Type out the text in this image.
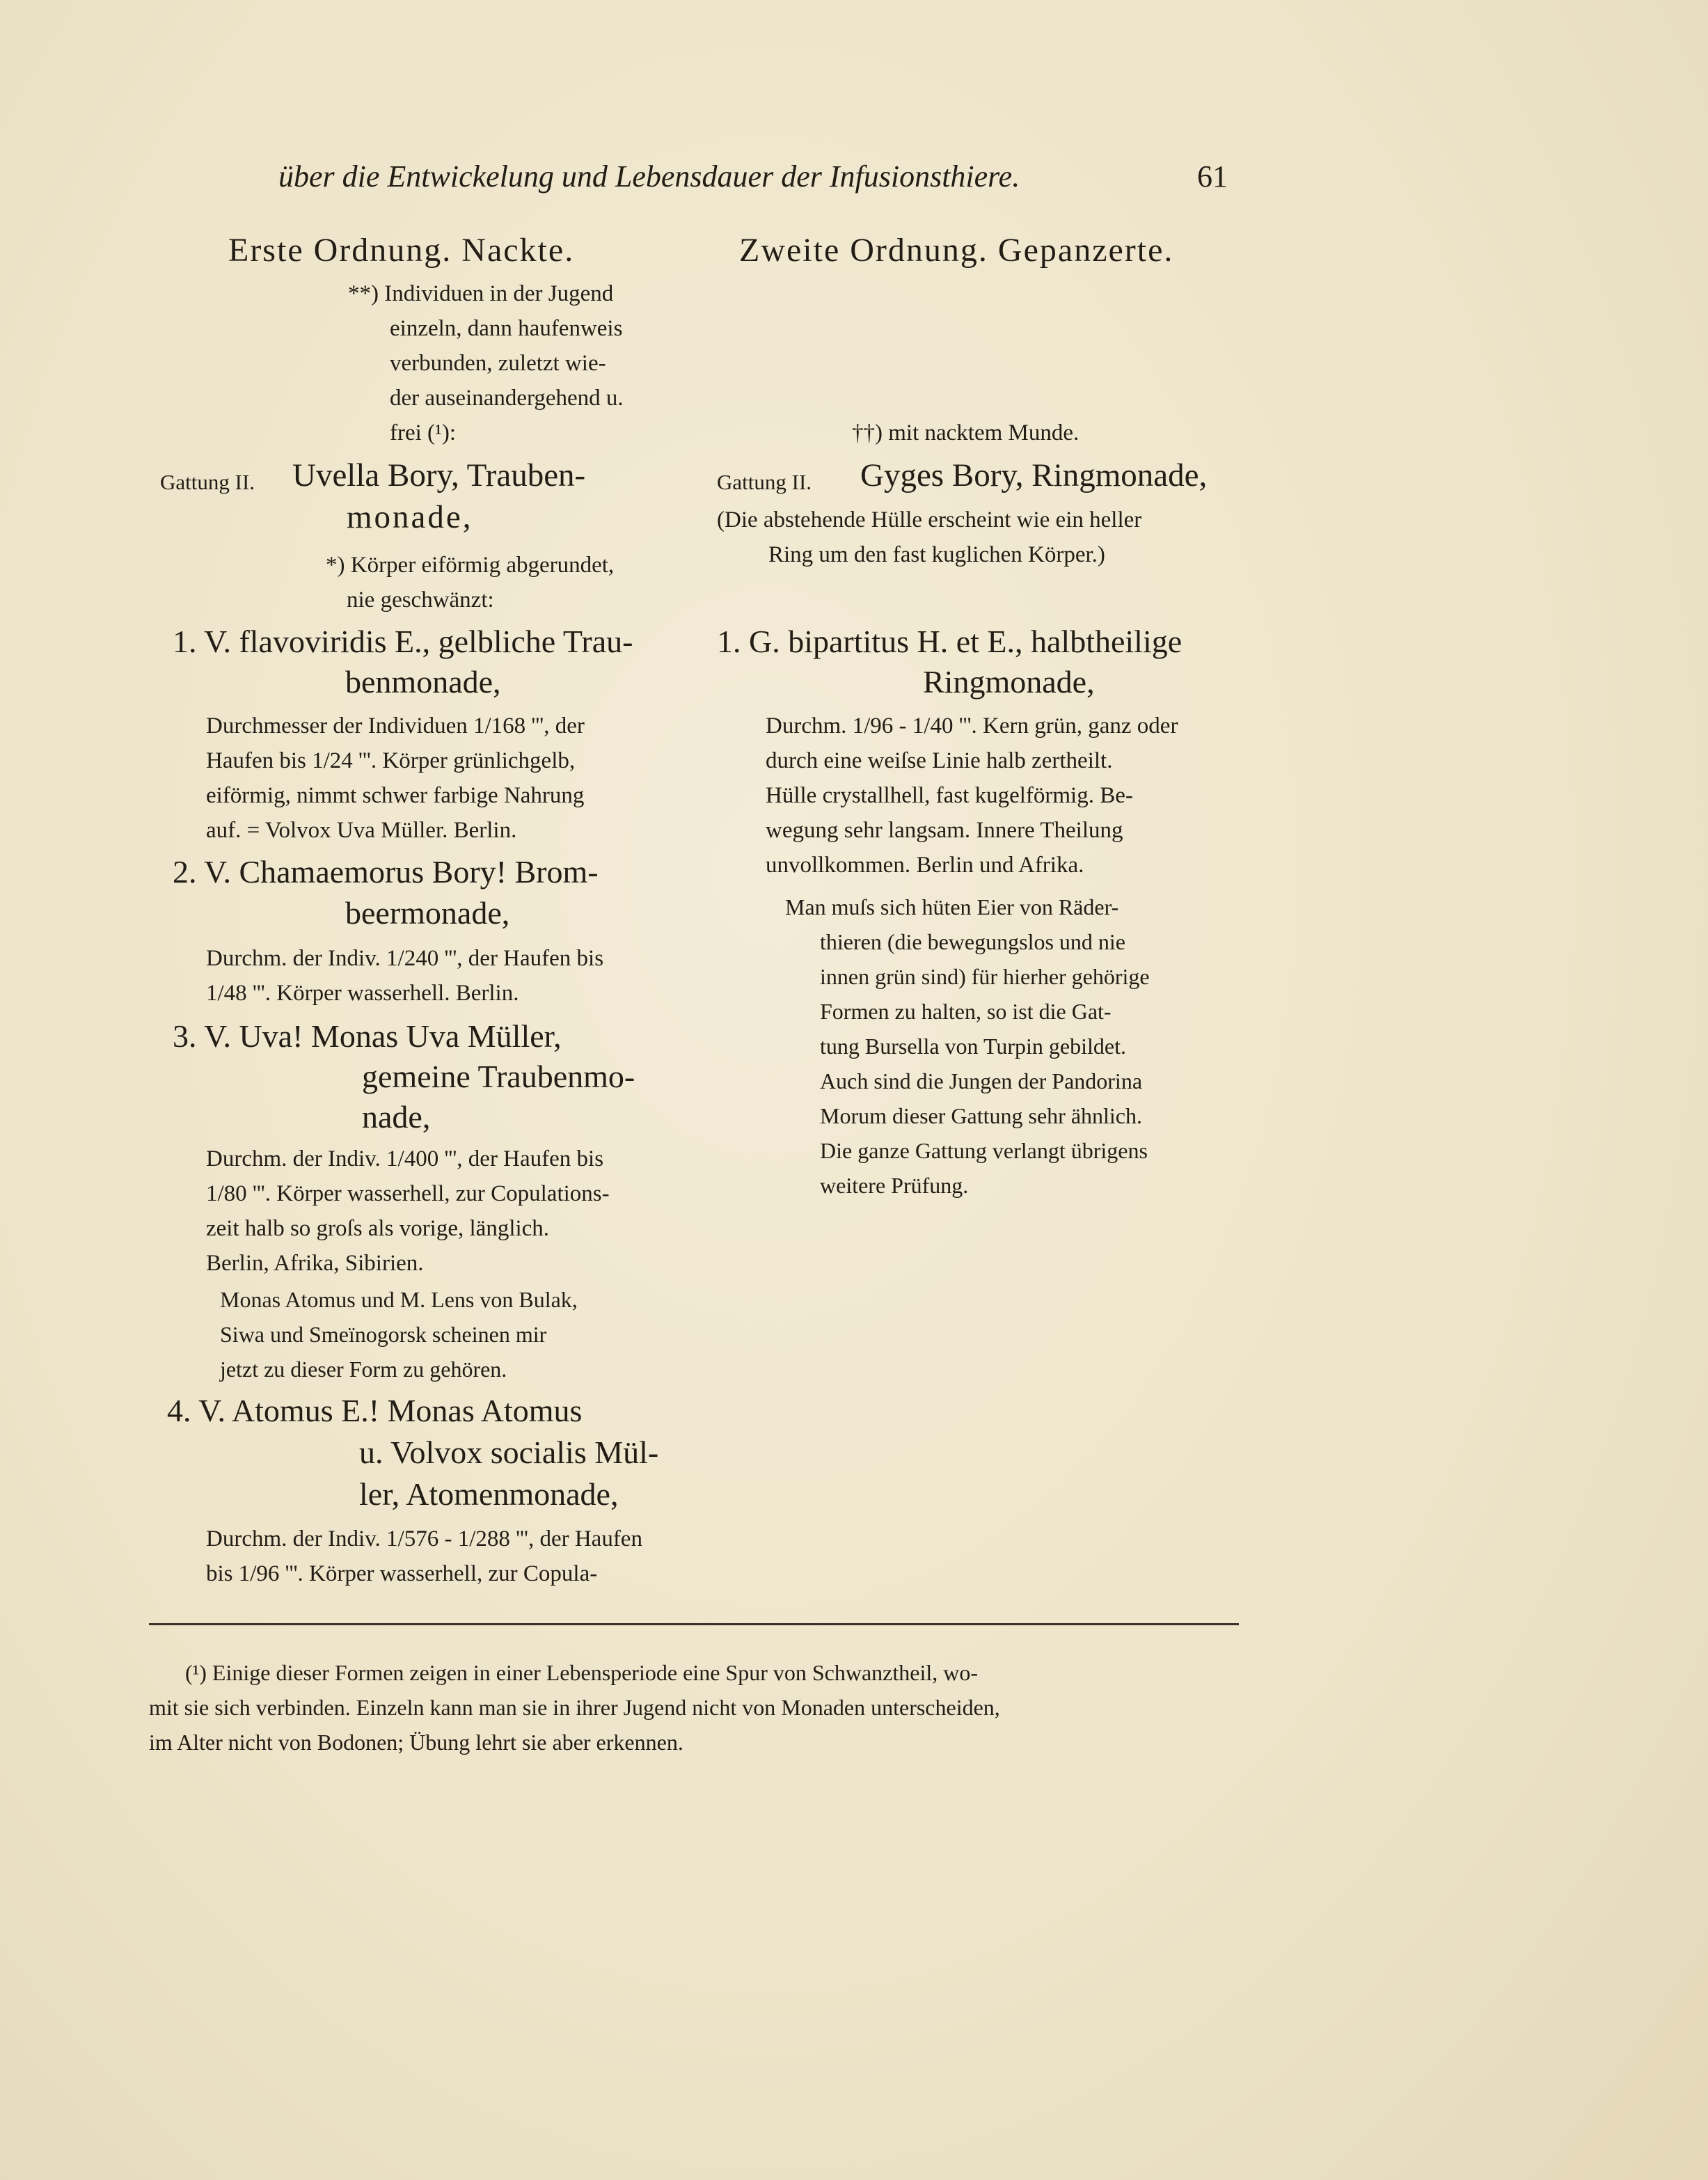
über die Entwickelung und Lebensdauer der Infusionsthiere.	61
Erste Ordnung. Nackte.
**) Individuen in der Jugend
einzeln, dann haufenweis
verbunden, zuletzt wie-
der auseinandergehend u.
frei (¹):
Gattung II. Uvella Bory, Trauben-
monade,
*) Körper eiförmig abgerundet,
nie geschwänzt:
1. V. flavoviridis E., gelbliche Trau-
benmonade,
Durchmesser der Individuen 1/168 ''', der
Haufen bis 1/24 '''. Körper grünlichgelb,
eiförmig, nimmt schwer farbige Nahrung
auf. = Volvox Uva Müller. Berlin.
2. V. Chamaemorus Bory! Brom-
beermonade,
Durchm. der Indiv. 1/240 ''', der Haufen bis
1/48 '''. Körper wasserhell. Berlin.
3. V. Uva! Monas Uva Müller,
gemeine Traubenmo-
nade,
Durchm. der Indiv. 1/400 ''', der Haufen bis
1/80 '''. Körper wasserhell, zur Copulations-
zeit halb so groſs als vorige, länglich.
Berlin, Afrika, Sibirien.
Monas Atomus und M. Lens von Bulak,
Siwa und Smeïnogorsk scheinen mir
jetzt zu dieser Form zu gehören.
4. V. Atomus E.! Monas Atomus
u. Volvox socialis Mül-
ler, Atomenmonade,
Durchm. der Indiv. 1/576 - 1/288 ''', der Haufen
bis 1/96 '''. Körper wasserhell, zur Copula-
Zweite Ordnung. Gepanzerte.
††) mit nacktem Munde.
Gattung II. Gyges Bory, Ringmonade,
(Die abstehende Hülle erscheint wie ein heller
Ring um den fast kuglichen Körper.)
1. G. bipartitus H. et E., halbtheilige
Ringmonade,
Durchm. 1/96 - 1/40 '''. Kern grün, ganz oder
durch eine weiſse Linie halb zertheilt.
Hülle crystallhell, fast kugelförmig. Be-
wegung sehr langsam. Innere Theilung
unvollkommen. Berlin und Afrika.
Man muſs sich hüten Eier von Räder-
thieren (die bewegungslos und nie
innen grün sind) für hierher gehörige
Formen zu halten, so ist die Gat-
tung Bursella von Turpin gebildet.
Auch sind die Jungen der Pandorina
Morum dieser Gattung sehr ähnlich.
Die ganze Gattung verlangt übrigens
weitere Prüfung.
(¹) Einige dieser Formen zeigen in einer Lebensperiode eine Spur von Schwanztheil, wo-
mit sie sich verbinden. Einzeln kann man sie in ihrer Jugend nicht von Monaden unterscheiden,
im Alter nicht von Bodonen; Übung lehrt sie aber erkennen.
